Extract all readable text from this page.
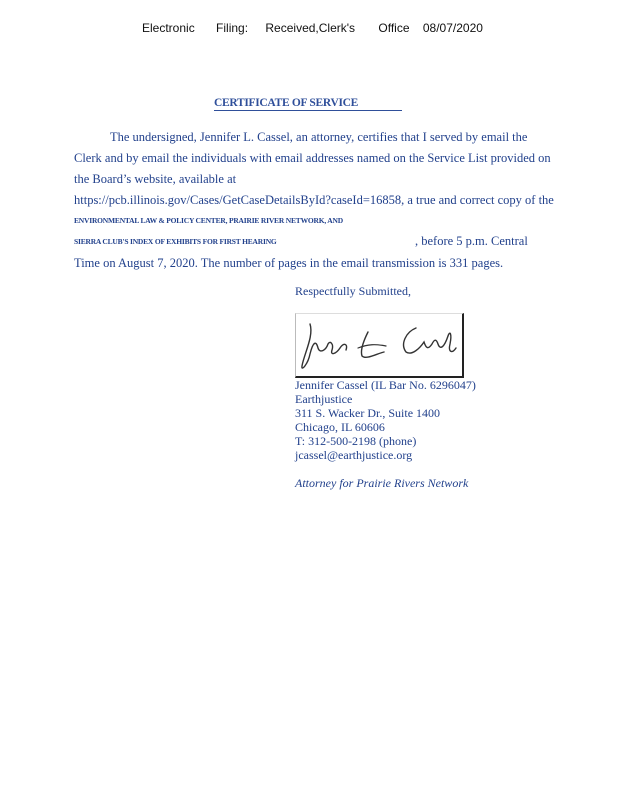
Electronic Filing: Received,Clerk's Office 08/07/2020
CERTIFICATE OF SERVICE
The undersigned, Jennifer L. Cassel, an attorney, certifies that I served by email the
Clerk and by email the individuals with email addresses named on the Service List provided on
the Board’s website, available at
https://pcb.illinois.gov/Cases/GetCaseDetailsById?caseId=16858, a true and correct copy of the
ENVIRONMENTAL LAW & POLICY CENTER, PRAIRIE RIVER NETWORK, AND
SIERRA CLUB'S INDEX OF EXHIBITS FOR FIRST HEARING	, before 5 p.m. Central
Time on August 7, 2020. The number of pages in the email transmission is 331 pages.
Respectfully Submitted,
Jennifer Cassel (IL Bar No. 6296047)
Earthjustice
311 S. Wacker Dr., Suite 1400
Chicago, IL 60606
T: 312-500-2198 (phone)
jcassel@earthjustice.org
Attorney for Prairie Rivers Network
